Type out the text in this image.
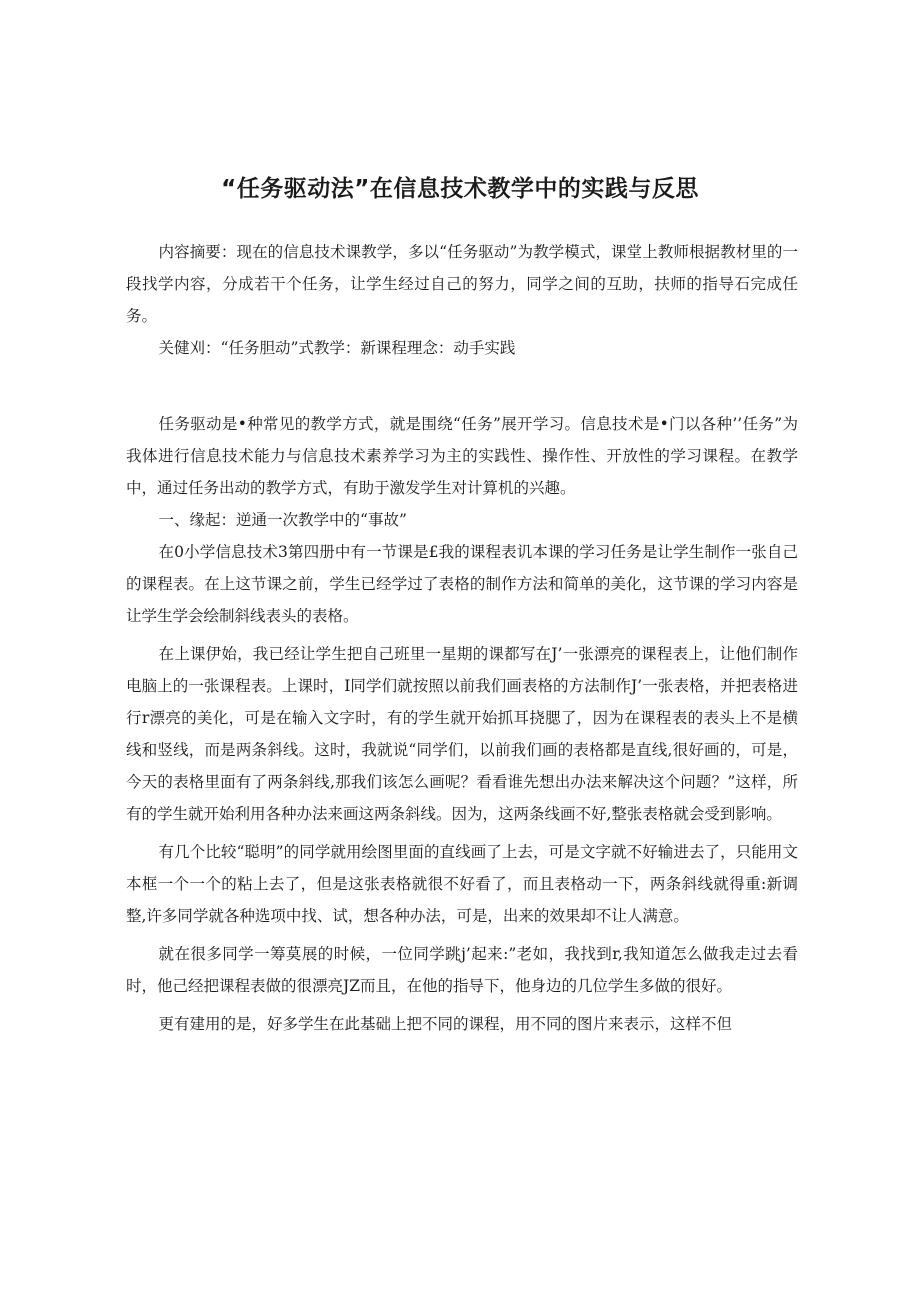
“任务驱动法”在信息技术教学中的实践与反思

内容摘要：现在的信息技术课教学，多以“任务驱动”为教学模式，课堂上教师根据教材里的一段找学内容，分成若干个任务，让学生经过自己的努力，同学之间的互助，扶师的指导石完成任务。

关健刈：“任务胆动”式教学：新课程理念：动手实践

任务驱动是•种常见的教学方式，就是围绕“任务”展开学习。信息技术是•门以各种’’任务”为我体进行信息技术能力与信息技术素养学习为主的实践性、操作性、开放性的学习课程。在教学中，通过任务出动的教学方式，有助于激发学生对计算机的兴趣。

一、缘起：逆通一次教学中的“事故”

在0小学信息技术3第四册中有一节课是£我的课程表讥本课的学习任务是让学生制作一张自己的课程表。在上这节课之前，学生已经学过了表格的制作方法和简单的美化，这节课的学习内容是让学生学会绘制斜线表头的表格。

在上课伊始，我已经让学生把自己班里一星期的课都写在J’一张漂亮的课程表上，让他们制作电脑上的一张课程表。上课时，I同学们就按照以前我们画表格的方法制作J’一张表格，并把表格进行r漂亮的美化，可是在输入文字时，有的学生就开始抓耳挠腮了，因为在课程表的表头上不是横线和竖线，而是两条斜线。这时，我就说“同学们，以前我们画的表格都是直线,很好画的，可是，今天的表格里面有了两条斜线,那我们该怎么画呢？看看谁先想出办法来解决这个问题？”这样，所有的学生就开始利用各种办法来画这两条斜线。因为，这两条线画不好,整张表格就会受到影响。

有几个比较“聪明”的同学就用绘图里面的直线画了上去，可是文字就不好输进去了，只能用文本框一个一个的粘上去了，但是这张表格就很不好看了，而且表格动一下，两条斜线就得重:新调整,许多同学就各种选项中找、试，想各种办法，可是，出来的效果却不让人满意。

就在很多同学一筹莫展的时候，一位同学跳j’起来:”老如，我找到r,我知道怎么做我走过去看时，他己经把课程表做的很漂亮JZ而且，在他的指导下，他身边的几位学生多做的很好。

更有建用的是，好多学生在此基础上把不同的课程，用不同的图片来表示，这样不但
